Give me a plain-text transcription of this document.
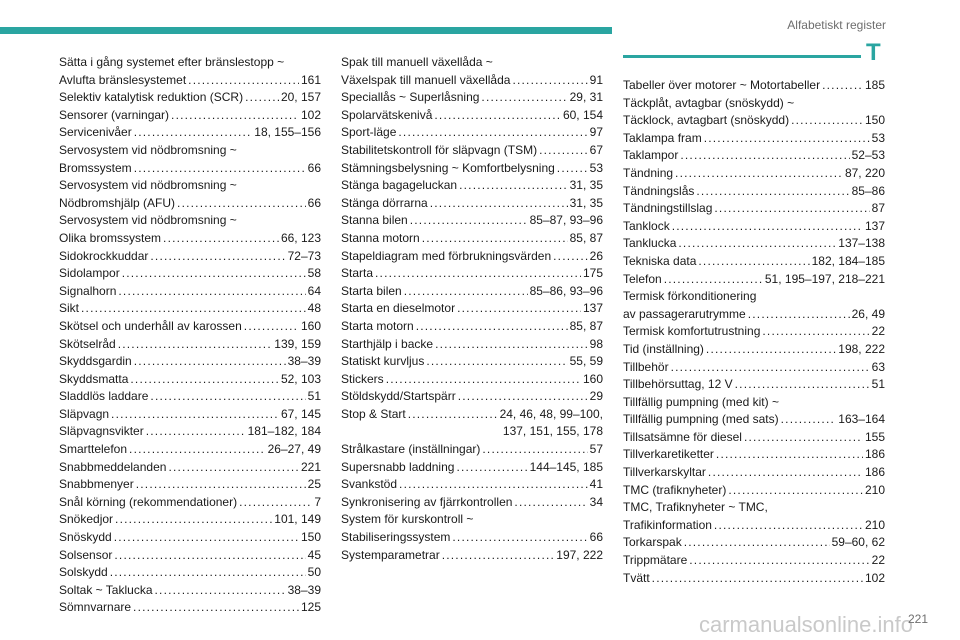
Alfabetiskt register
Sätta i gång systemet efter bränslestopp ~
Avlufta bränslesystemet .....	161
Selektiv katalytisk reduktion (SCR) .....	20, 157
Sensorer (varningar) .....	102
Servicenivåer .....	18, 155–156
Servosystem vid nödbromsning ~
Bromssystem .....	66
Servosystem vid nödbromsning ~
Nödbromshjälp (AFU) .....	66
Servosystem vid nödbromsning ~
Olika bromssystem .....	66, 123
Sidokrockkuddar .....	72–73
Sidolampor .....	58
Signalhorn .....	64
Sikt .....	48
Skötsel och underhåll av karossen .....	160
Skötselråd .....	139, 159
Skyddsgardin .....	38–39
Skyddsmatta .....	52, 103
Sladdlös laddare .....	51
Släpvagn .....	67, 145
Släpvagnsvikter .....	181–182, 184
Smarttelefon .....	26–27, 49
Snabbmeddelanden .....	221
Snabbmenyer .....	25
Snål körning (rekommendationer) .....	7
Snökedjor .....	101, 149
Snöskydd .....	150
Solsensor .....	45
Solskydd .....	50
Soltak ~ Taklucka .....	38–39
Sömnvarnare .....	125
Spak till manuell växellåda ~
Växelspak till manuell växellåda .....	91
Speciallås ~ Superlåsning .....	29, 31
Spolarvätskenivå .....	60, 154
Sport-läge .....	97
Stabilitetskontroll för släpvagn (TSM) .....	67
Stämningsbelysning ~ Komfortbelysning .....	53
Stänga bagageluckan .....	31, 35
Stänga dörrarna .....	31, 35
Stanna bilen .....	85–87, 93–96
Stanna motorn .....	85, 87
Stapeldiagram med förbrukningsvärden .....	26
Starta .....	175
Starta bilen .....	85–86, 93–96
Starta en dieselmotor .....	137
Starta motorn .....	85, 87
Starthjälp i backe .....	98
Statiskt kurvljus .....	55, 59
Stickers .....	160
Stöldskydd/Startspärr .....	29
Stop & Start .....	24, 46, 48, 99–100,
137, 151, 155, 178
Strålkastare (inställningar) .....	57
Supersnabb laddning .....	144–145, 185
Svankstöd .....	41
Synkronisering av fjärrkontrollen .....	34
System för kurskontroll ~
Stabiliseringssystem .....	66
Systemparametrar .....	197, 222
T
Tabeller över motorer ~ Motortabeller .....	185
Täckplåt, avtagbar (snöskydd) ~
Täcklock, avtagbart (snöskydd) .....	150
Taklampa fram .....	53
Taklampor .....	52–53
Tändning .....	87, 220
Tändningslås .....	85–86
Tändningstillslag .....	87
Tanklock .....	137
Tanklucka .....	137–138
Tekniska data .....	182, 184–185
Telefon .....	51, 195–197, 218–221
Termisk förkonditionering
av passagerarutrymme .....	26, 49
Termisk komfortutrustning .....	22
Tid (inställning) .....	198, 222
Tillbehör .....	63
Tillbehörsuttag, 12 V .....	51
Tillfällig pumpning (med kit) ~
Tillfällig pumpning (med sats) .....	163–164
Tillsatsämne för diesel .....	155
Tillverkaretiketter .....	186
Tillverkarskyltar .....	186
TMC (trafiknyheter) .....	210
TMC, Trafiknyheter ~ TMC,
Trafikinformation .....	210
Torkarspak .....	59–60, 62
Trippmätare .....	22
Tvätt .....	102
carmanualsonline.info
221
